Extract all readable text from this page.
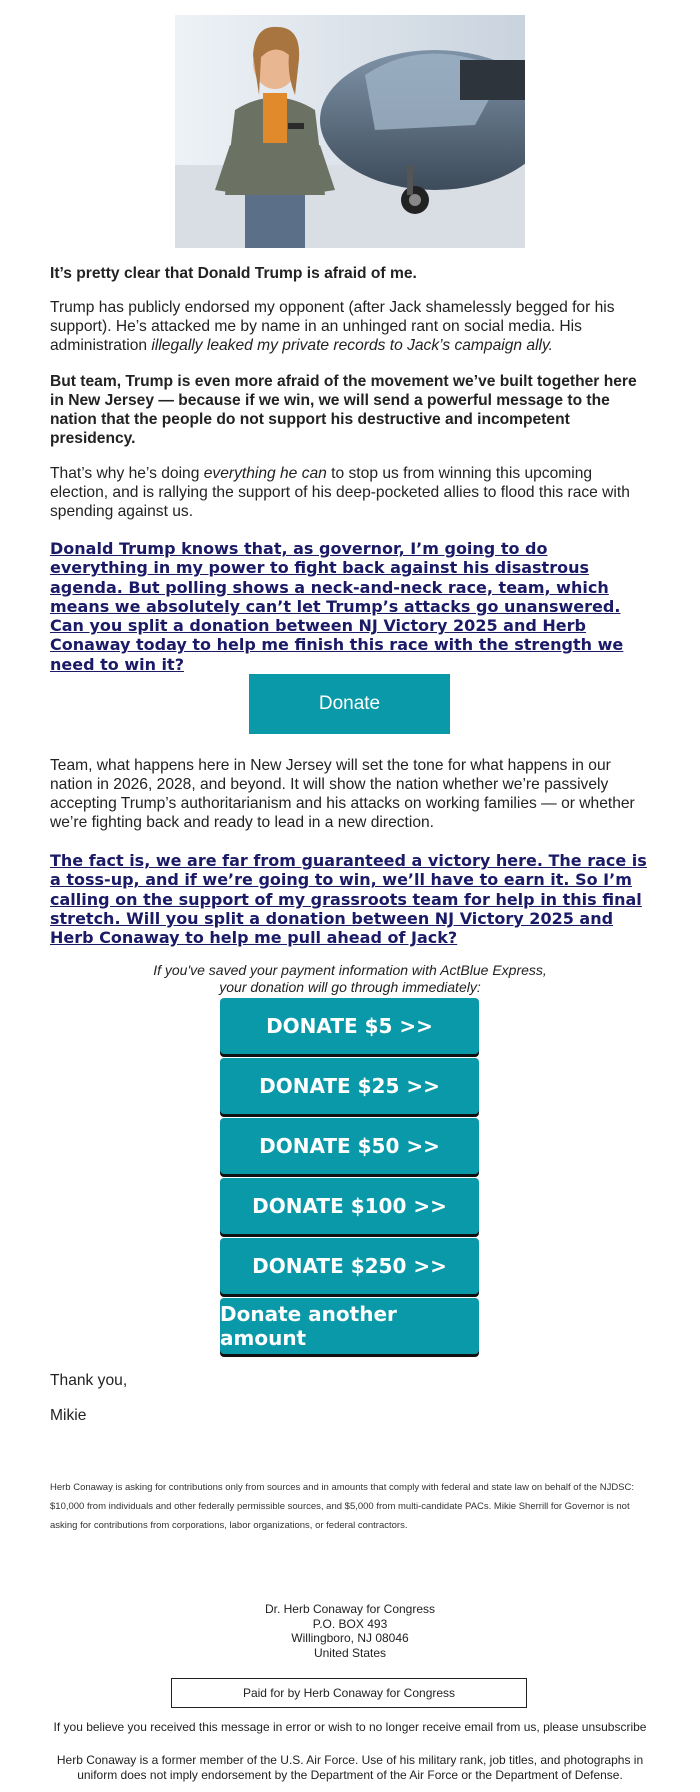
It’s pretty clear that Donald Trump is afraid of me.

Trump has publicly endorsed my opponent (after Jack shamelessly begged for his support). He’s attacked me by name in an unhinged rant on social media. His administration illegally leaked my private records to Jack’s campaign ally.

But team, Trump is even more afraid of the movement we’ve built together here in New Jersey — because if we win, we will send a powerful message to the nation that the people do not support his destructive and incompetent presidency.

That’s why he’s doing everything he can to stop us from winning this upcoming election, and is rallying the support of his deep-pocketed allies to flood this race with spending against us.

Donald Trump knows that, as governor, I’m going to do everything in my power to fight back against his disastrous agenda. But polling shows a neck-and-neck race, team, which means we absolutely can’t let Trump’s attacks go unanswered. Can you split a donation between NJ Victory 2025 and Herb Conaway today to help me finish this race with the strength we need to win it?

Donate

Team, what happens here in New Jersey will set the tone for what happens in our nation in 2026, 2028, and beyond. It will show the nation whether we’re passively accepting Trump’s authoritarianism and his attacks on working families — or whether we’re fighting back and ready to lead in a new direction.

The fact is, we are far from guaranteed a victory here. The race is a toss-up, and if we’re going to win, we’ll have to earn it. So I’m calling on the support of my grassroots team for help in this final stretch. Will you split a donation between NJ Victory 2025 and Herb Conaway to help me pull ahead of Jack?

If you've saved your payment information with ActBlue Express,
your donation will go through immediately:
DONATE $5 >>
DONATE $25 >>
DONATE $50 >>
DONATE $100 >>
DONATE $250 >>
Donate another amount
Thank you,
Mikie
Herb Conaway is asking for contributions only from sources and in amounts that comply with federal and state law on behalf of the NJDSC: $10,000 from individuals and other federally permissible sources, and $5,000 from multi-candidate PACs. Mikie Sherrill for Governor is not asking for contributions from corporations, labor organizations, or federal contractors.
Dr. Herb Conaway for Congress
P.O. BOX 493
Willingboro, NJ 08046
United States
Paid for by Herb Conaway for Congress
If you believe you received this message in error or wish to no longer receive email from us, please unsubscribe
Herb Conaway is a former member of the U.S. Air Force. Use of his military rank, job titles, and photographs in uniform does not imply endorsement by the Department of the Air Force or the Department of Defense.
